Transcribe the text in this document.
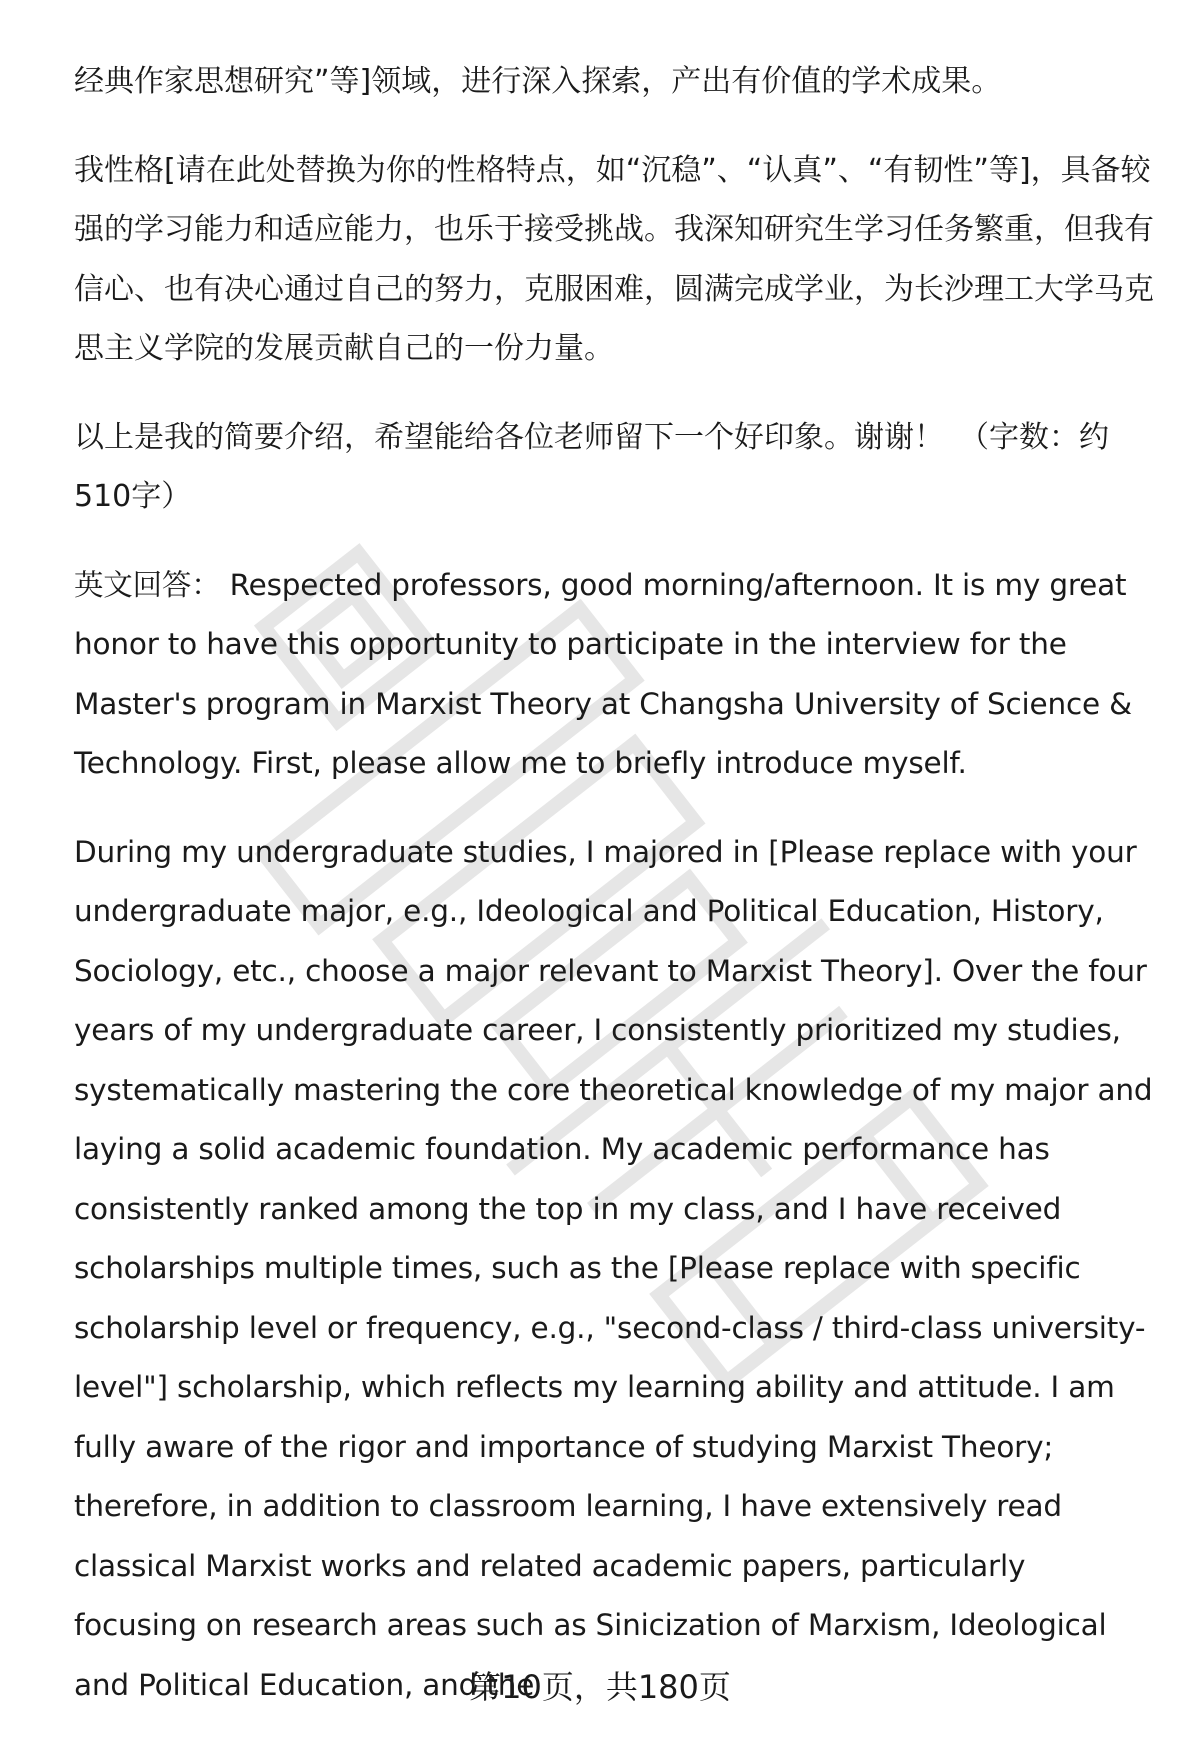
经典作家思想研究”等]领域，进行深入探索，产出有价值的学术成果。

我性格[请在此处替换为你的性格特点，如“沉稳”、“认真”、“有韧性”等]，具备较强的学习能力和适应能力，也乐于接受挑战。我深知研究生学习任务繁重，但我有信心、也有决心通过自己的努力，克服困难，圆满完成学业，为长沙理工大学马克思主义学院的发展贡献自己的一份力量。

以上是我的简要介绍，希望能给各位老师留下一个好印象。谢谢！　（字数：约510字）

英文回答： Respected professors, good morning/afternoon. It is my great honor to have this opportunity to participate in the interview for the Master's program in Marxist Theory at Changsha University of Science & Technology. First, please allow me to briefly introduce myself.

During my undergraduate studies, I majored in [Please replace with your undergraduate major, e.g., Ideological and Political Education, History, Sociology, etc., choose a major relevant to Marxist Theory]. Over the four years of my undergraduate career, I consistently prioritized my studies, systematically mastering the core theoretical knowledge of my major and laying a solid academic foundation. My academic performance has consistently ranked among the top in my class, and I have received scholarships multiple times, such as the [Please replace with specific scholarship level or frequency, e.g., "second-class / third-class university-level"] scholarship, which reflects my learning ability and attitude. I am fully aware of the rigor and importance of studying Marxist Theory; therefore, in addition to classroom learning, I have extensively read classical Marxist works and related academic papers, particularly focusing on research areas such as Sinicization of Marxism, Ideological and Political Education, and the

第10页，共180页
